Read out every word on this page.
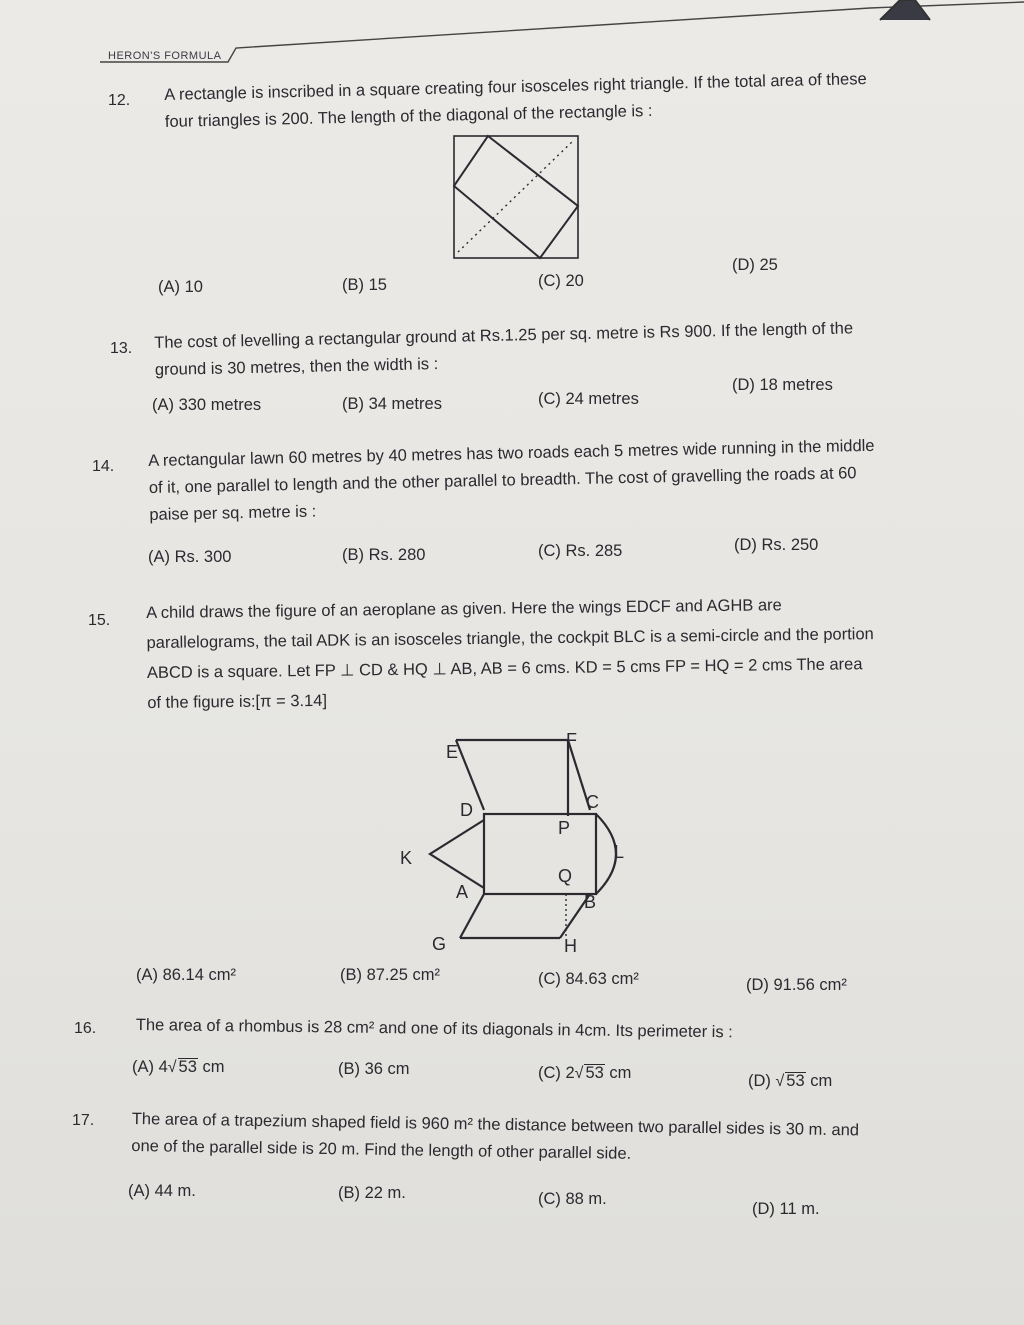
HERON'S FORMULA
12. A rectangle is inscribed in a square creating four isosceles right triangle. If the total area of these
four triangles is 200. The length of the diagonal of the rectangle is :
(A) 10	(B) 15	(C) 20
(D) 25
13. The cost of levelling a rectangular ground at Rs.1.25 per sq. metre is Rs 900. If the length of the
ground is 30 metres, then the width is :
(A) 330 metres	(B) 34 metres	(C) 24 metres
(D) 18 metres
14. A rectangular lawn 60 metres by 40 metres has two roads each 5 metres wide running in the middle
of it, one parallel to length and the other parallel to breadth. The cost of gravelling the roads at 60
paise per sq. metre is :
(A) Rs. 300	(B) Rs. 280	(C) Rs. 285	(D) Rs. 250
15. A child draws the figure of an aeroplane as given. Here the wings EDCF and AGHB are
parallelograms, the tail ADK is an isosceles triangle, the cockpit BLC is a semi-circle and the portion
ABCD is a square. Let FP ⊥ CD & HQ ⊥ AB, AB = 6 cms. KD = 5 cms FP = HQ = 2 cms The area
of the figure is:[π = 3.14]
E
F
D	C
P
K	L
Q
A	B
G	H
(A) 86.14 cm²	(B) 87.25 cm²	(C) 84.63 cm²	(D) 91.56 cm²
16. The area of a rhombus is 28 cm² and one of its diagonals in 4cm. Its perimeter is :
(A) 4√ 53 cm	(B) 36 cm	(C) 2√ 53 cm	(D) √ 53 cm
17. The area of a trapezium shaped field is 960 m² the distance between two parallel sides is 30 m. and
one of the parallel side is 20 m. Find the length of other parallel side.
(A) 44 m.	(B) 22 m.	(C) 88 m.
(D) 11 m.
